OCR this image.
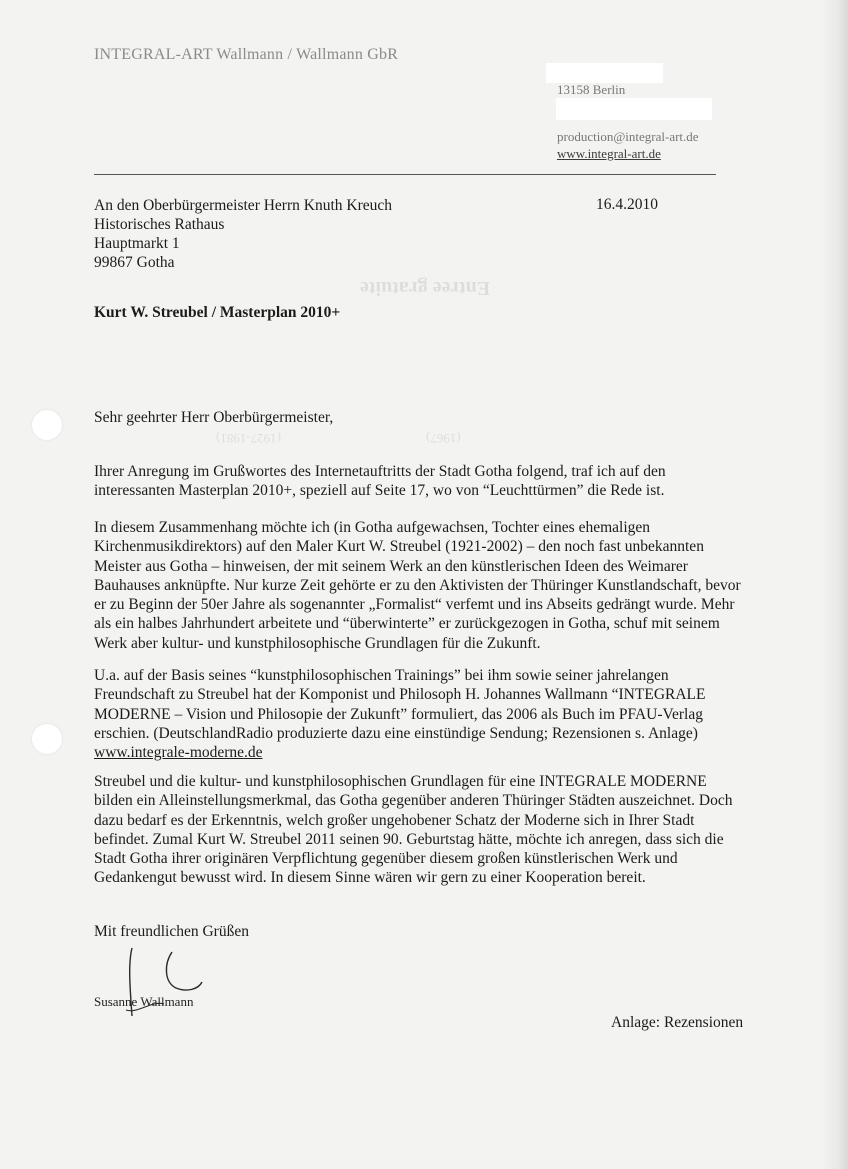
Entree gratuite
(1927-1981)	(1967)
INTEGRAL-ART Wallmann / Wallmann GbR
13158 Berlin
production@integral-art.de
www.integral-art.de
An den Oberbürgermeister Herrn Knuth Kreuch
Historisches Rathaus
Hauptmarkt 1
99867 Gotha
16.4.2010
Kurt W. Streubel / Masterplan 2010+

Sehr geehrter Herr Oberbürgermeister,

Ihrer Anregung im Grußwortes des Internetauftritts der Stadt Gotha folgend, traf ich auf den interessanten Masterplan 2010+, speziell auf Seite 17, wo von “Leuchttürmen” die Rede ist.

In diesem Zusammenhang möchte ich (in Gotha aufgewachsen, Tochter eines ehemaligen Kirchenmusikdirektors) auf den Maler Kurt W. Streubel (1921-2002) – den noch fast unbekannten Meister aus Gotha – hinweisen, der mit seinem Werk an den künstlerischen Ideen des Weimarer Bauhauses anknüpfte. Nur kurze Zeit gehörte er zu den Aktivisten der Thüringer Kunstlandschaft, bevor er zu Beginn der 50er Jahre als sogenannter „Formalist“ verfemt und ins Abseits gedrängt wurde. Mehr als ein halbes Jahrhundert arbeitete und “überwinterte” er zurückgezogen in Gotha, schuf mit seinem Werk aber kultur- und kunstphilosophische Grundlagen für die Zukunft.

U.a. auf der Basis seines “kunstphilosophischen Trainings” bei ihm sowie seiner jahrelangen Freundschaft zu Streubel hat der Komponist und Philosoph H. Johannes Wallmann “INTEGRALE MODERNE – Vision und Philosopie der Zukunft” formuliert, das 2006 als Buch im PFAU-Verlag erschien. (DeutschlandRadio produzierte dazu eine einstündige Sendung; Rezensionen s. Anlage)
www.integrale-moderne.de

Streubel und die kultur- und kunstphilosophischen Grundlagen für eine INTEGRALE MODERNE bilden ein Alleinstellungsmerkmal, das Gotha gegenüber anderen Thüringer Städten auszeichnet. Doch dazu bedarf es der Erkenntnis, welch großer ungehobener Schatz der Moderne sich in Ihrer Stadt befindet. Zumal Kurt W. Streubel 2011 seinen 90. Geburtstag hätte, möchte ich anregen, dass sich die Stadt Gotha ihrer originären Verpflichtung gegenüber diesem großen künstlerischen Werk und Gedankengut bewusst wird. In diesem Sinne wären wir gern zu einer Kooperation bereit.

Mit freundlichen Grüßen
Susanne Wallmann
Anlage: Rezensionen
